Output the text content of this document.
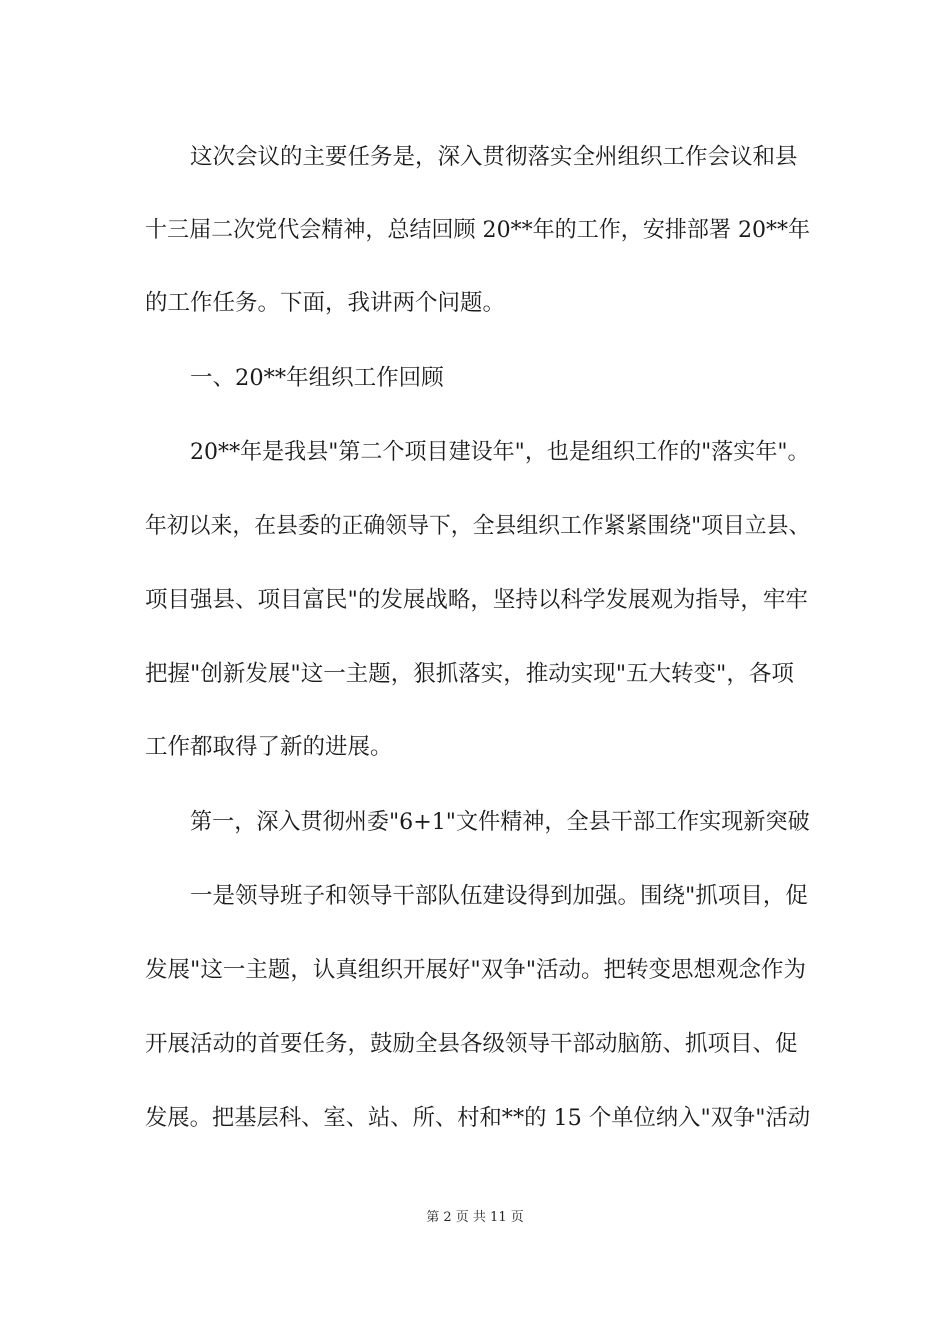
这次会议的主要任务是，深入贯彻落实全州组织工作会议和县
十三届二次党代会精神，总结回顾 20**年的工作，安排部署 20**年
的工作任务。下面，我讲两个问题。
一、20**年组织工作回顾
20**年是我县"第二个项目建设年"，也是组织工作的"落实年"。
年初以来，在县委的正确领导下，全县组织工作紧紧围绕"项目立县、
项目强县、项目富民"的发展战略，坚持以科学发展观为指导，牢牢
把握"创新发展"这一主题，狠抓落实，推动实现"五大转变"，各项
工作都取得了新的进展。
第一，深入贯彻州委"6+1"文件精神，全县干部工作实现新突破
一是领导班子和领导干部队伍建设得到加强。围绕"抓项目，促
发展"这一主题，认真组织开展好"双争"活动。把转变思想观念作为
开展活动的首要任务，鼓励全县各级领导干部动脑筋、抓项目、促
发展。把基层科、室、站、所、村和**的 15 个单位纳入"双争"活动
第 2 页 共 11 页
